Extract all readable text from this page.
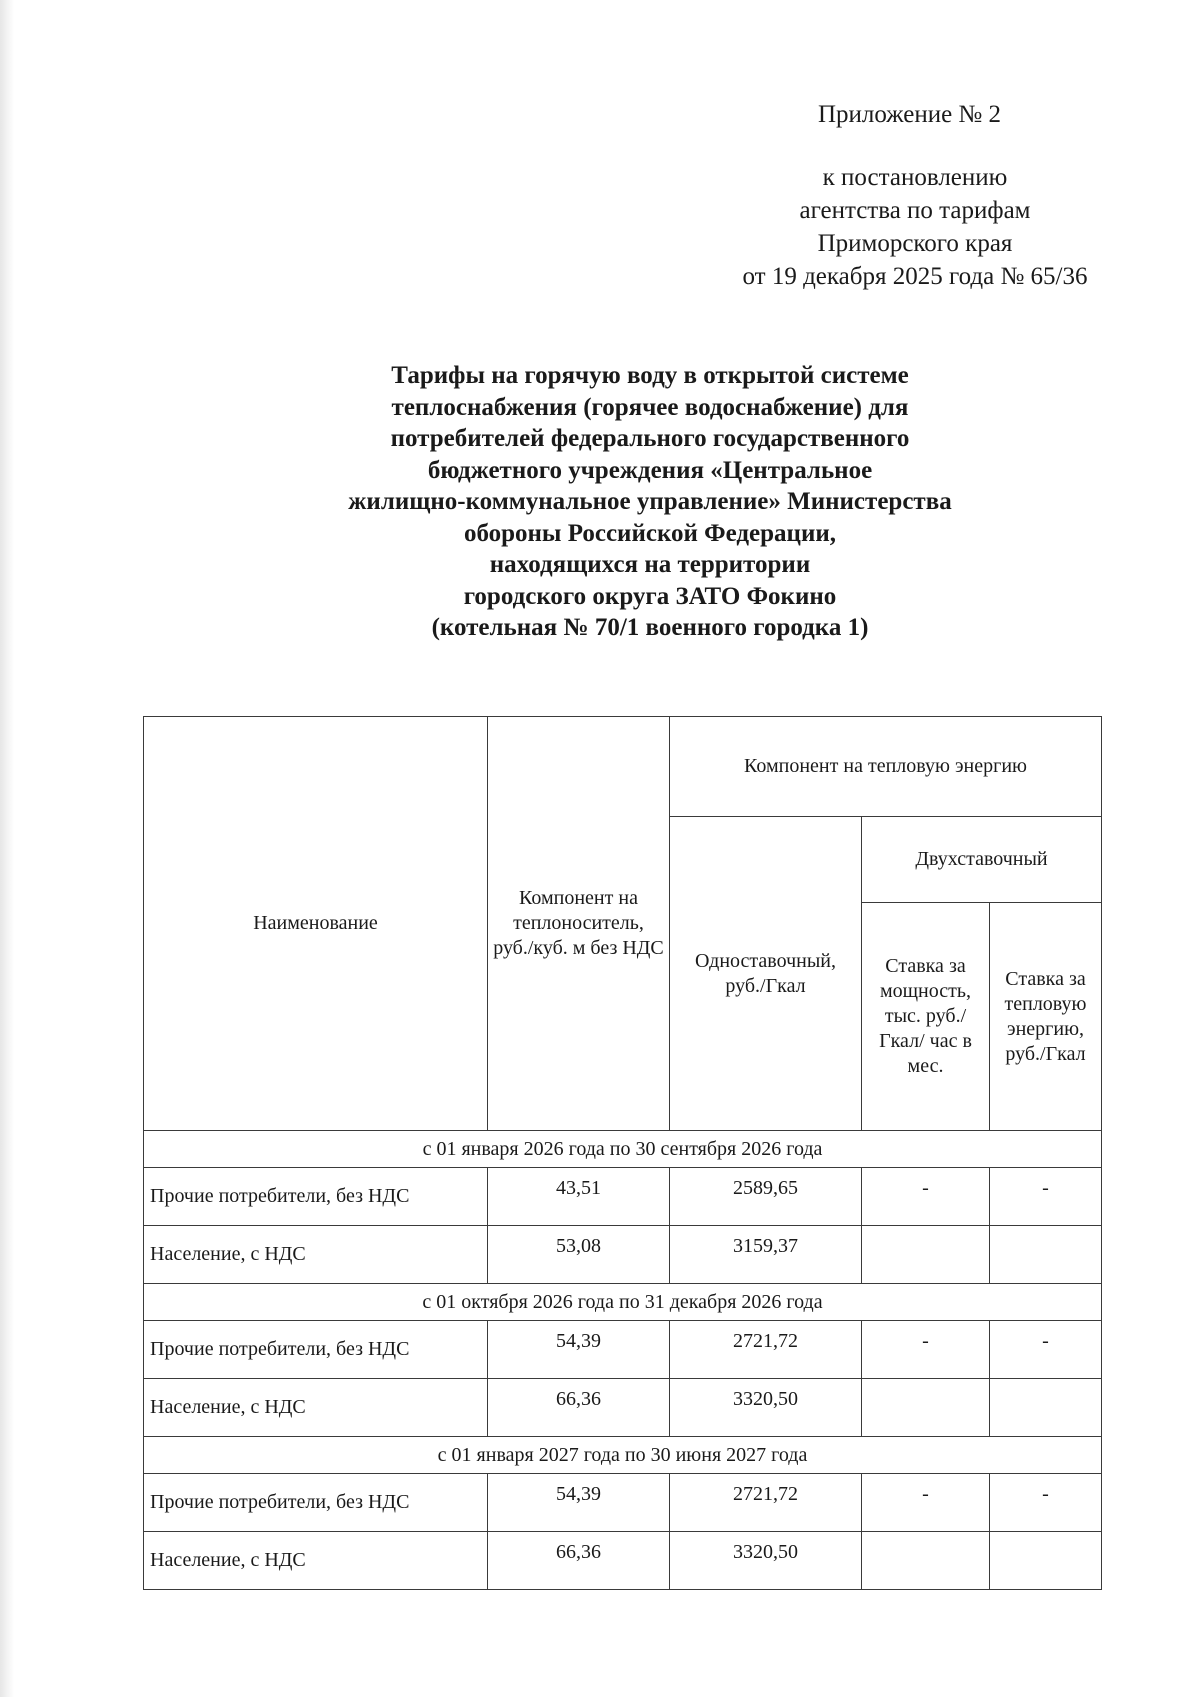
Приложение № 2
к постановлению
агентства по тарифам
Приморского края
от 19 декабря 2025 года № 65/36
Тарифы на горячую воду в открытой системе
теплоснабжения (горячее водоснабжение) для
потребителей федерального государственного
бюджетного учреждения «Центральное
жилищно-коммунальное управление» Министерства
обороны Российской Федерации,
находящихся на территории
городского округа ЗАТО Фокино
(котельная № 70/1 военного городка 1)
Наименование	Компонент на теплоноситель, руб./куб. м без НДС	Компонент на тепловую энергию		
		Одноставочный, руб./Гкал	Двухставочный	
			Ставка за мощность, тыс. руб./Гкал/ час в мес.	Ставка за тепловую энергию, руб./Гкал
с 01 января 2026 года по 30 сентября 2026 года				
Прочие потребители, без НДС	43,51	2589,65	-	-
Население, с НДС	53,08	3159,37		
с 01 октября 2026 года по 31 декабря 2026 года				
Прочие потребители, без НДС	54,39	2721,72	-	-
Население, с НДС	66,36	3320,50		
с 01 января 2027 года по 30 июня 2027 года				
Прочие потребители, без НДС	54,39	2721,72	-	-
Население, с НДС	66,36	3320,50		
